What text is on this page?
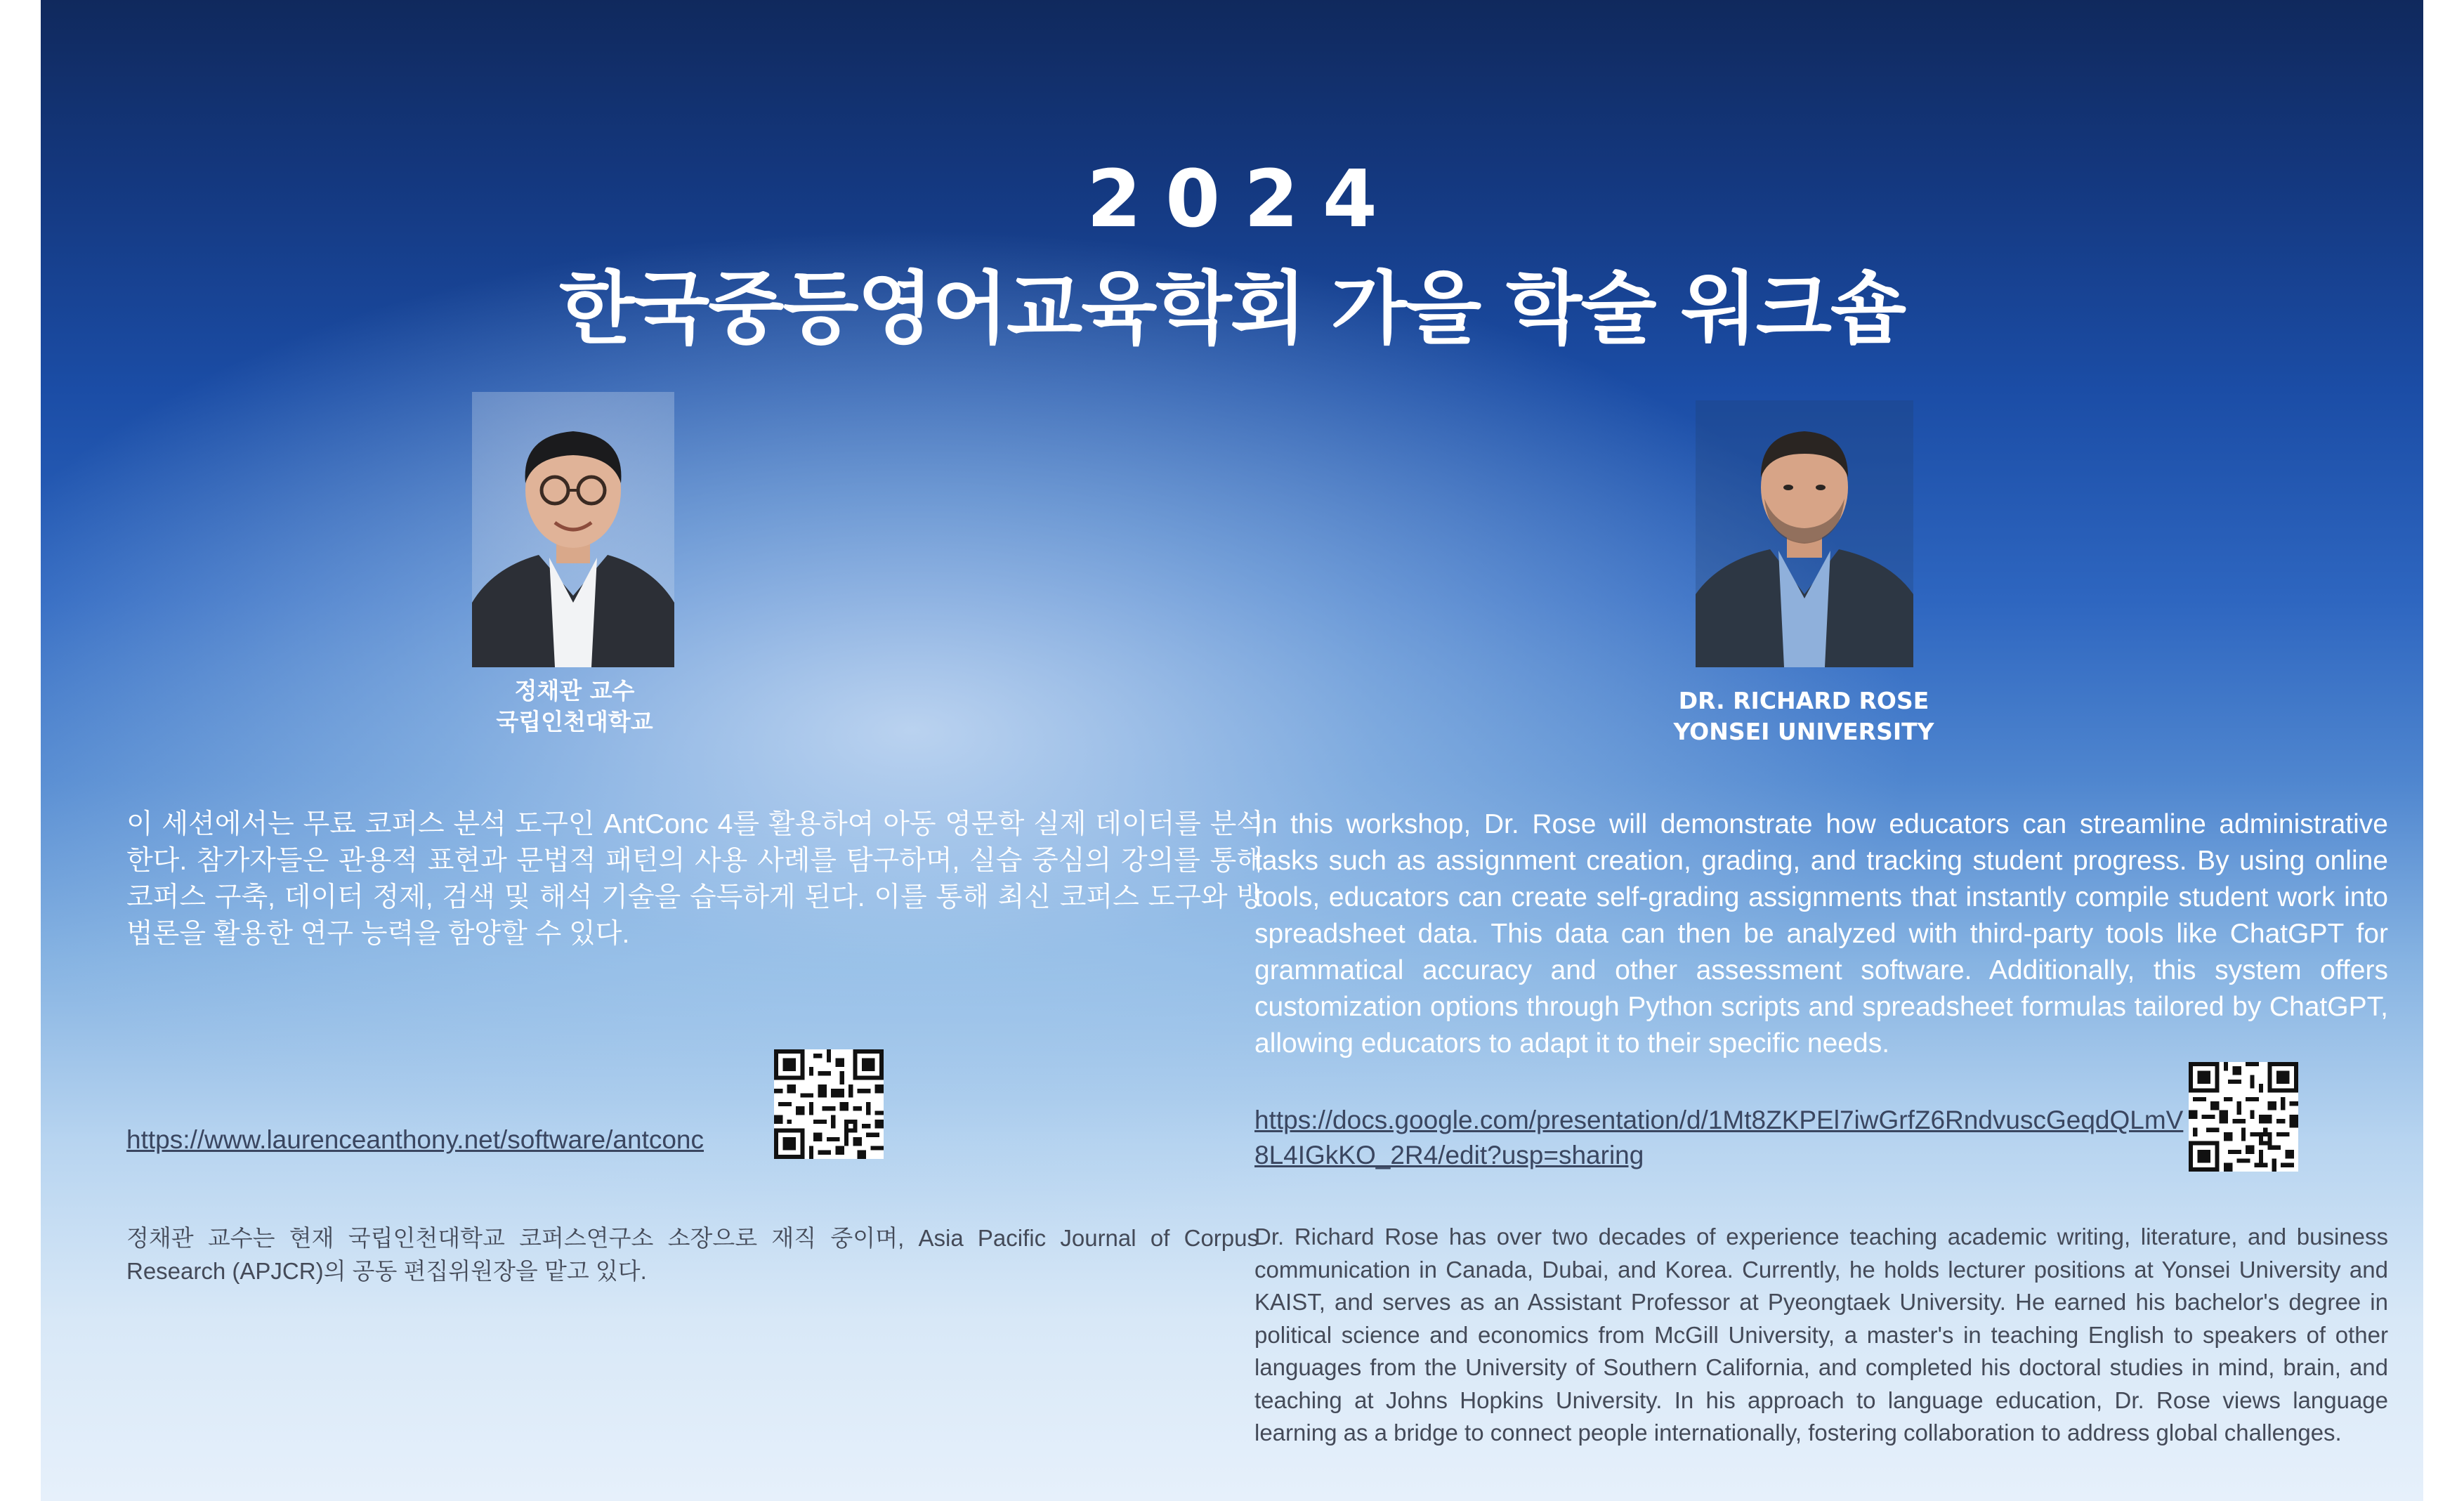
2024
한국중등영어교육학회 가을 학술 워크숍
정채관 교수
국립인천대학교
DR. RICHARD ROSE
YONSEI UNIVERSITY
이 세션에서는 무료 코퍼스 분석 도구인 AntConc 4를 활용하여 아동 영문학 실제 데이터를 분석한다. 참가자들은 관용적 표현과 문법적 패턴의 사용 사례를 탐구하며, 실습 중심의 강의를 통해 코퍼스 구축, 데이터 정제, 검색 및 해석 기술을 습득하게 된다. 이를 통해 최신 코퍼스 도구와 방법론을 활용한 연구 능력을 함양할 수 있다.
In this workshop, Dr. Rose will demonstrate how educators can streamline administrative tasks such as assignment creation, grading, and tracking student progress. By using online tools, educators can create self-grading assignments that instantly compile student work into spreadsheet data. This data can then be analyzed with third-party tools like ChatGPT for grammatical accuracy and other assessment software. Additionally, this system offers customization options through Python scripts and spreadsheet formulas tailored by ChatGPT, allowing educators to adapt it to their specific needs.
https://www.laurenceanthony.net/software/antconc
https://docs.google.com/presentation/d/1Mt8ZKPEl7iwGrfZ6RndvuscGeqdQLmV8L4IGkKO_2R4/edit?usp=sharing
정채관 교수는 현재 국립인천대학교 코퍼스연구소 소장으로 재직 중이며, Asia Pacific Journal of Corpus Research (APJCR)의 공동 편집위원장을 맡고 있다.
Dr. Richard Rose has over two decades of experience teaching academic writing, literature, and business communication in Canada, Dubai, and Korea. Currently, he holds lecturer positions at Yonsei University and KAIST, and serves as an Assistant Professor at Pyeongtaek University. He earned his bachelor's degree in political science and economics from McGill University, a master's in teaching English to speakers of other languages from the University of Southern California, and completed his doctoral studies in mind, brain, and teaching at Johns Hopkins University. In his approach to language education, Dr. Rose views language learning as a bridge to connect people internationally, fostering collaboration to address global challenges.
